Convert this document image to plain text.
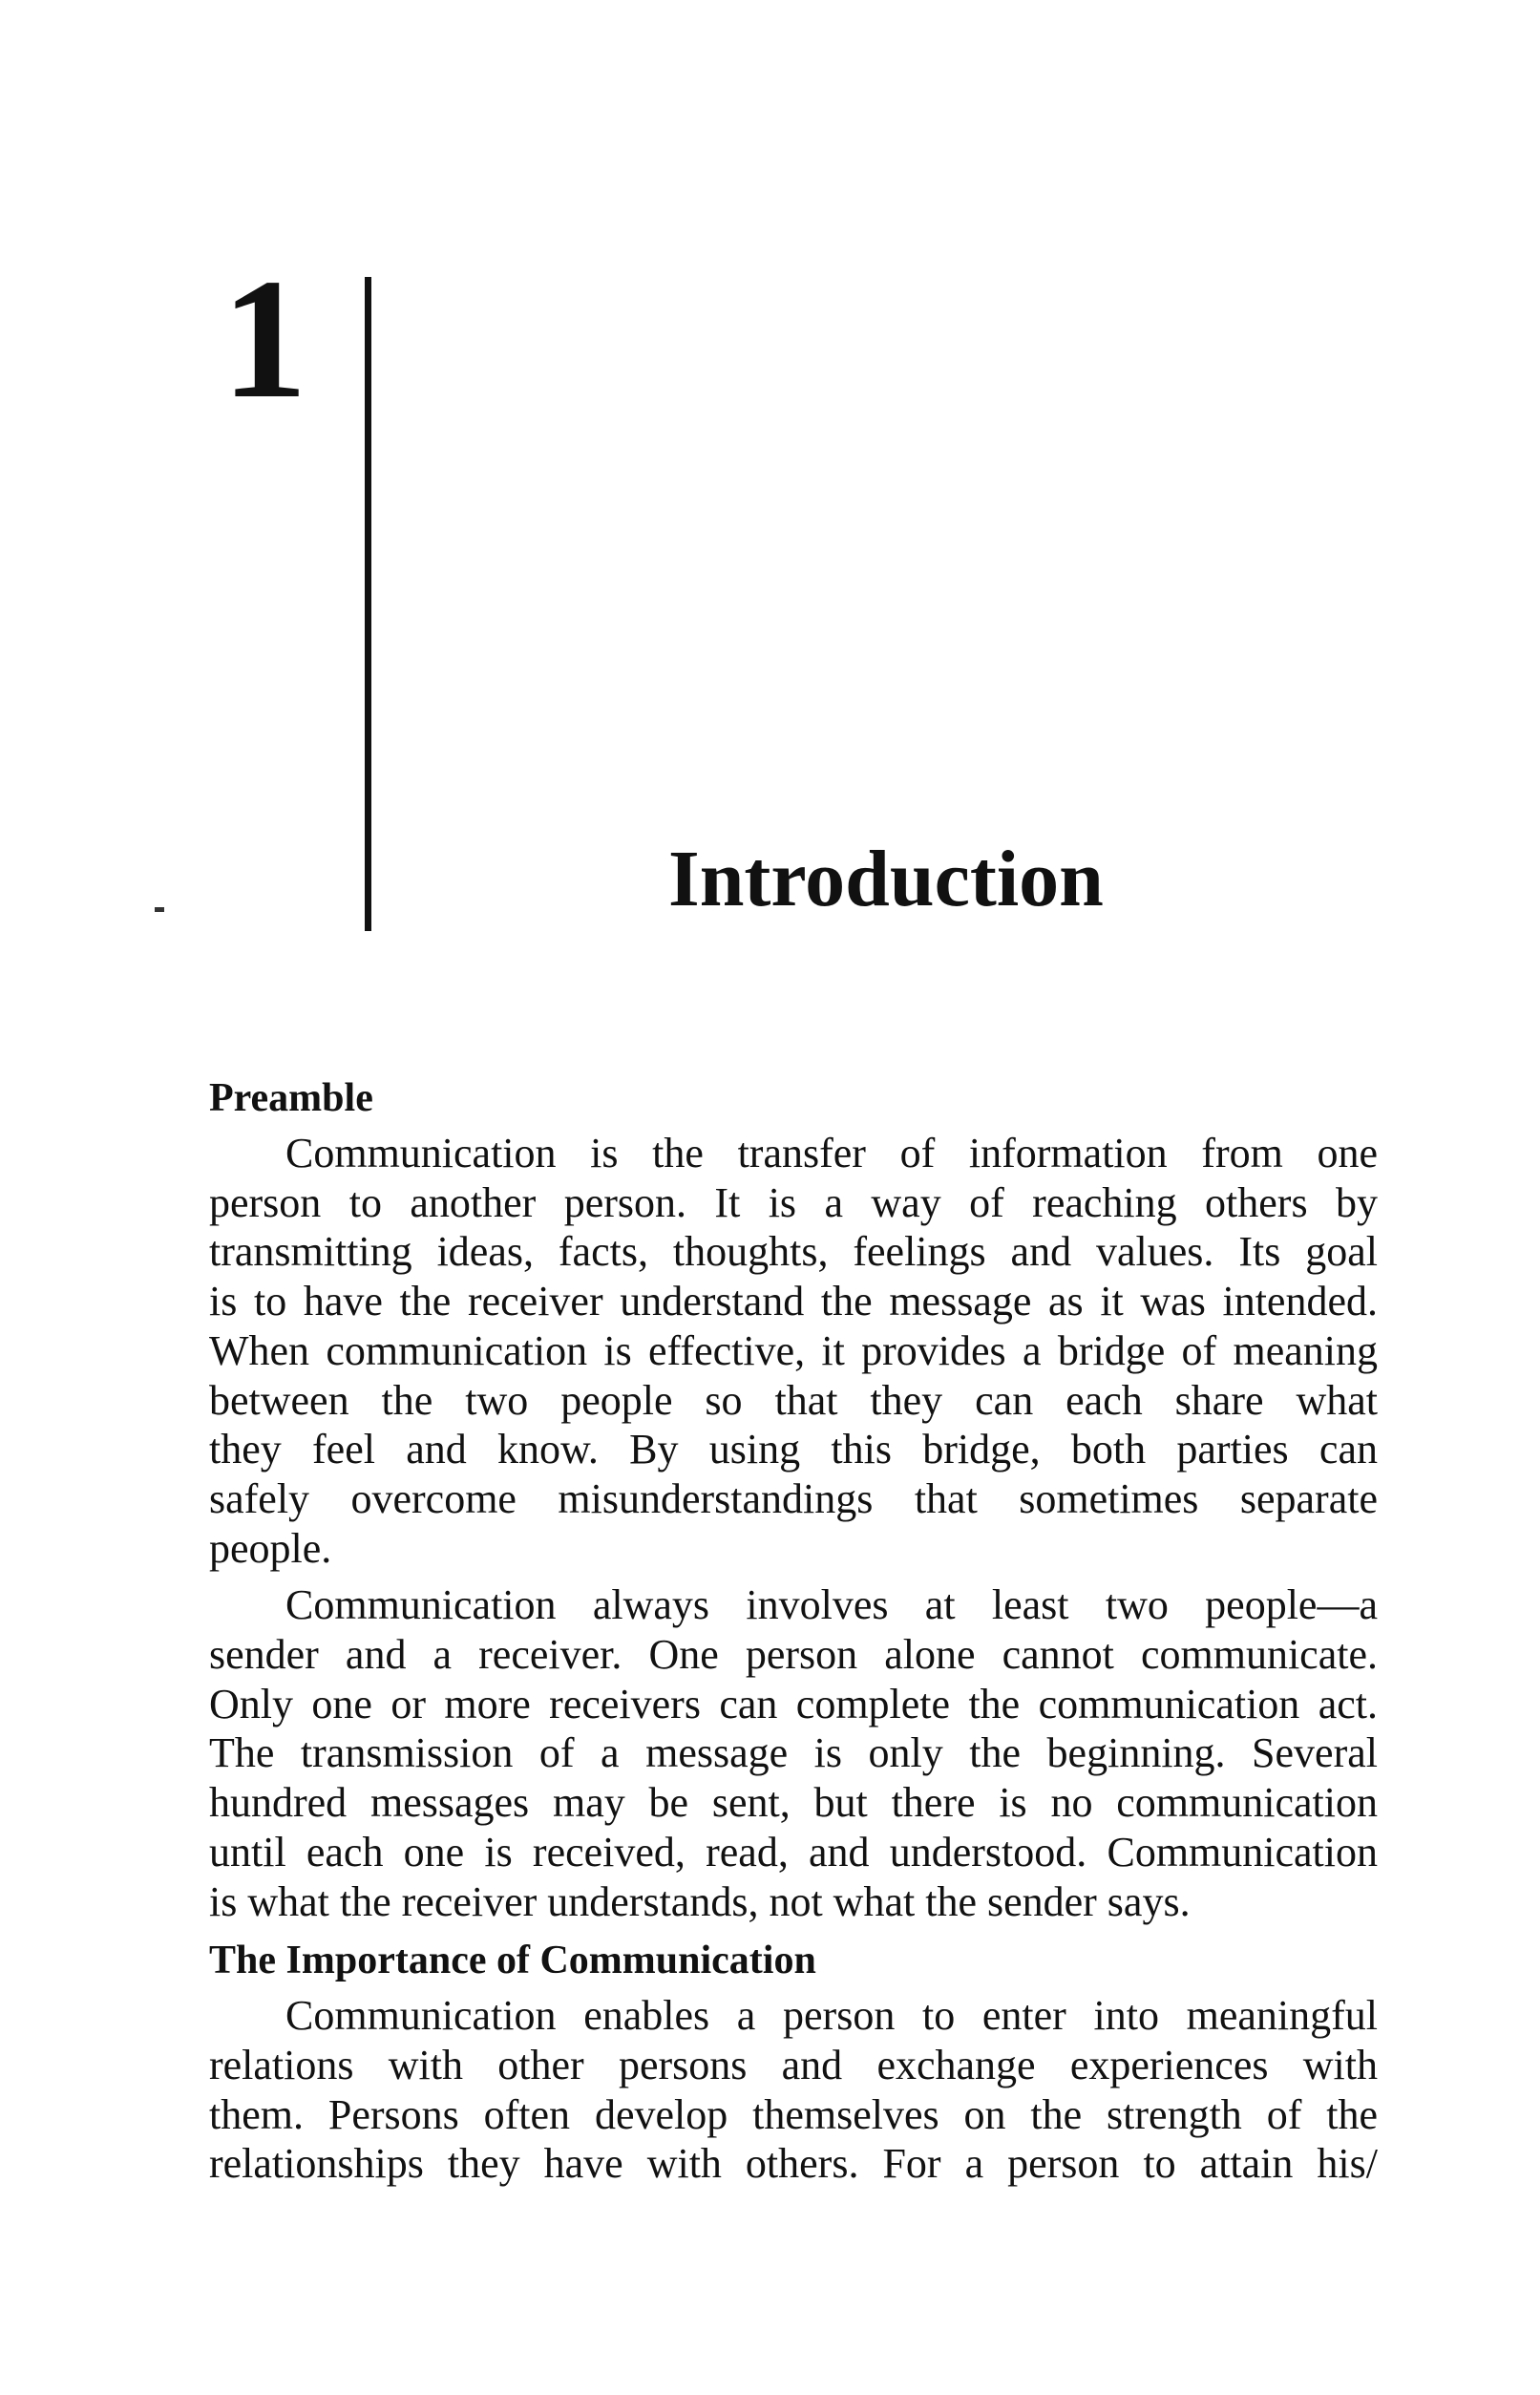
1
Introduction
Preamble
Communication is the transfer of information from one
person to another person. It is a way of reaching others by
transmitting ideas, facts, thoughts, feelings and values. Its goal
is to have the receiver understand the message as it was intended.
When communication is effective, it provides a bridge of meaning
between the two people so that they can each share what
they feel and know. By using this bridge, both parties can
safely overcome misunderstandings that sometimes separate
people.
Communication always involves at least two people—a
sender and a receiver. One person alone cannot communicate.
Only one or more receivers can complete the communication act.
The transmission of a message is only the beginning. Several
hundred messages may be sent, but there is no communication
until each one is received, read, and understood. Communication
is what the receiver understands, not what the sender says.
The Importance of Communication
Communication enables a person to enter into meaningful
relations with other persons and exchange experiences with
them. Persons often develop themselves on the strength of the
relationships they have with others. For a person to attain his/
